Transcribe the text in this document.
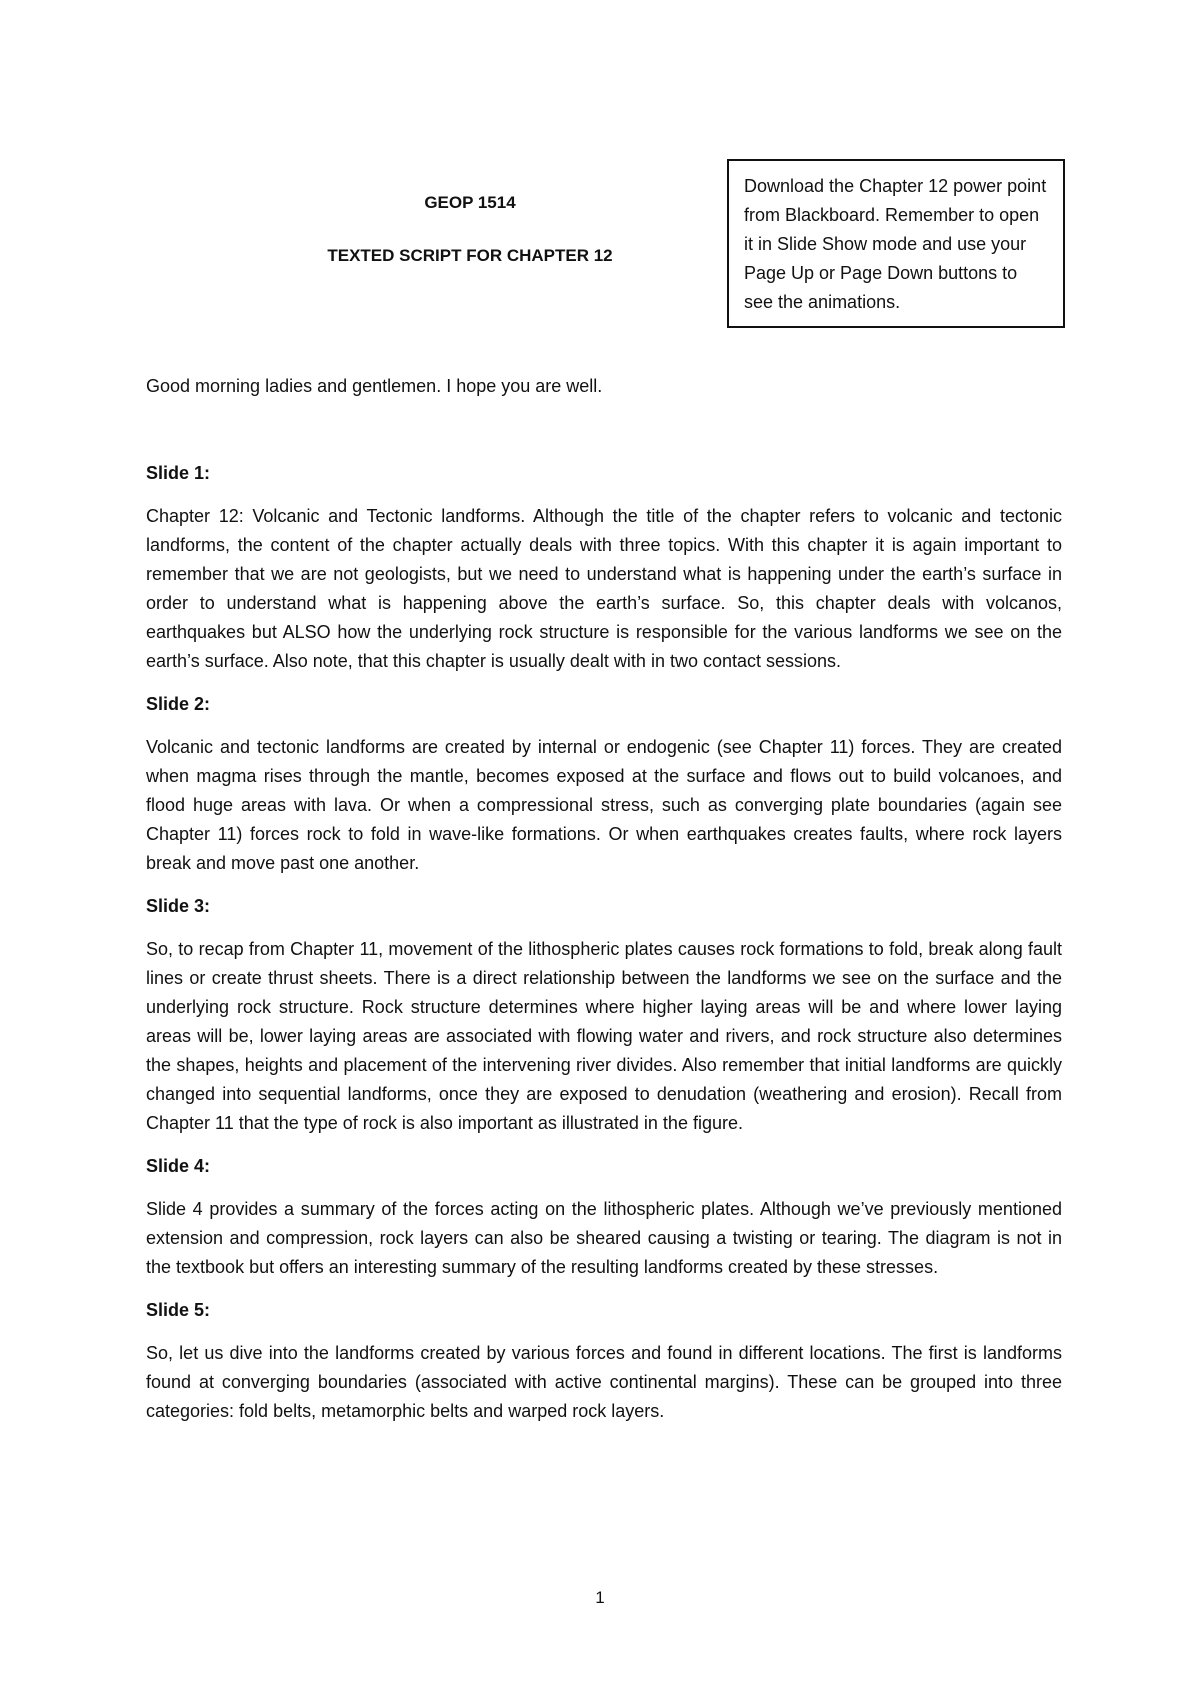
GEOP 1514

TEXTED SCRIPT FOR CHAPTER 12

Download the Chapter 12 power point from Blackboard. Remember to open it in Slide Show mode and use your Page Up or Page Down buttons to see the animations.

Good morning ladies and gentlemen. I hope you are well.

Slide 1:

Chapter 12: Volcanic and Tectonic landforms. Although the title of the chapter refers to volcanic and tectonic landforms, the content of the chapter actually deals with three topics. With this chapter it is again important to remember that we are not geologists, but we need to understand what is happening under the earth’s surface in order to understand what is happening above the earth’s surface. So, this chapter deals with volcanos, earthquakes but ALSO how the underlying rock structure is responsible for the various landforms we see on the earth’s surface. Also note, that this chapter is usually dealt with in two contact sessions.

Slide 2:

Volcanic and tectonic landforms are created by internal or endogenic (see Chapter 11) forces. They are created when magma rises through the mantle, becomes exposed at the surface and flows out to build volcanoes, and flood huge areas with lava. Or when a compressional stress, such as converging plate boundaries (again see Chapter 11) forces rock to fold in wave-like formations. Or when earthquakes creates faults, where rock layers break and move past one another.

Slide 3:

So, to recap from Chapter 11, movement of the lithospheric plates causes rock formations to fold, break along fault lines or create thrust sheets. There is a direct relationship between the landforms we see on the surface and the underlying rock structure. Rock structure determines where higher laying areas will be and where lower laying areas will be, lower laying areas are associated with flowing water and rivers, and rock structure also determines the shapes, heights and placement of the intervening river divides. Also remember that initial landforms are quickly changed into sequential landforms, once they are exposed to denudation (weathering and erosion). Recall from Chapter 11 that the type of rock is also important as illustrated in the figure.

Slide 4:

Slide 4 provides a summary of the forces acting on the lithospheric plates. Although we’ve previously mentioned extension and compression, rock layers can also be sheared causing a twisting or tearing. The diagram is not in the textbook but offers an interesting summary of the resulting landforms created by these stresses.

Slide 5:

So, let us dive into the landforms created by various forces and found in different locations. The first is landforms found at converging boundaries (associated with active continental margins). These can be grouped into three categories: fold belts, metamorphic belts and warped rock layers.

1
